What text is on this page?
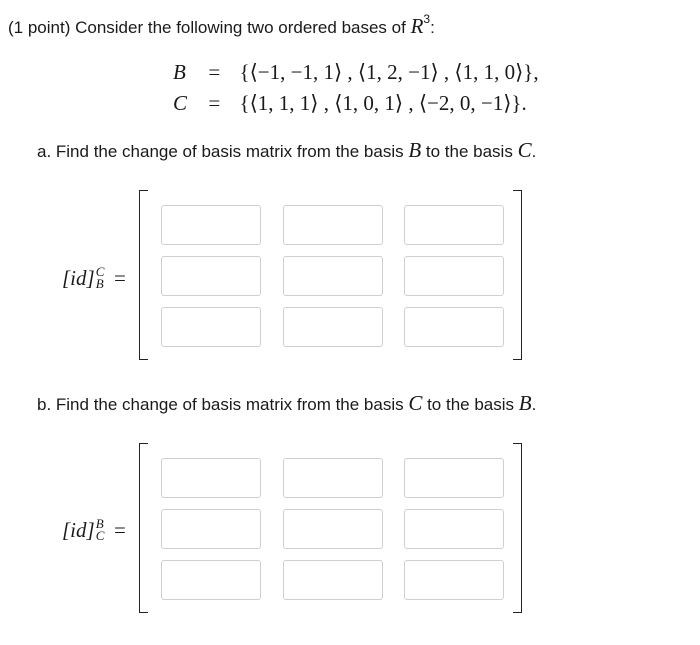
(1 point) Consider the following two ordered bases of $R^3$:
B = {⟨−1, −1, 1⟩ , ⟨1, 2, −1⟩ , ⟨1, 1, 0⟩},
C = {⟨1, 1, 1⟩ , ⟨1, 0, 1⟩ , ⟨−2, 0, −1⟩}.
a. Find the change of basis matrix from the basis B to the basis C.
[id] C
B =
b. Find the change of basis matrix from the basis C to the basis B.
[id] B
C =
